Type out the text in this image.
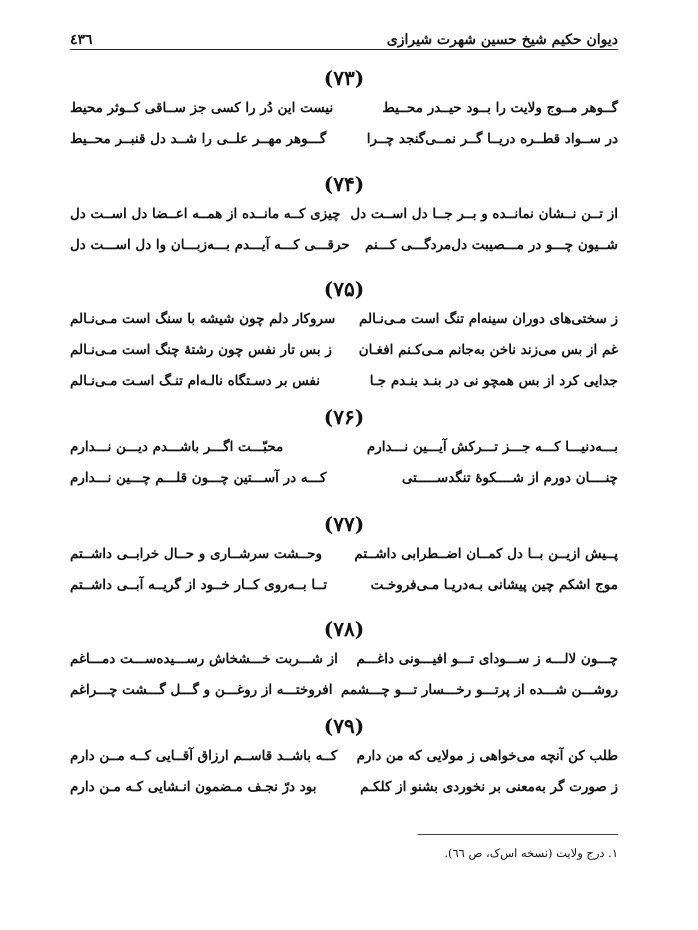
دیوان حکیم شیخ حسین شهرت شیرازی
٤٣٦
(۷۳)
گــوهر مــوج ولایت را بــود حیــدر محــیط
نیست این دُر را کسی جز ســاقی کــوثر محیط
در ســواد قطــره دریــا گــر نمــی‌گنجد چــرا
گـــوهر مهــر علــی را شــد دل قنبــر محــیط
(۷۴)
از تــن نــشان نمانــده و بــر جــا دل اســت دل
چیزی کــه مانــده از همــه اعــضا دل اســت دل
شــیون چـــو در مـــصیبت دل‌مردگـــی کـــنم
حرقـــی کـــه آیـــدم بـــه‌زبـــان وا دل اســـت دل
(۷۵)
ز سختی‌های دوران سینه‌ام تنگ است مـی‌نـالم
سروکار دلم چون شیشه با سنگ است مـی‌نـالم
غم از بس می‌زند ناخن به‌جانم مـی‌کـنم افغـان
ز بس تار نفس چون رشتهٔ چنگ است مـی‌نـالم
جدایی کرد از بس همچو نی در بنـد بنـدم جـا
نفس بر دسـتگاه نالـه‌ام تنـگ اسـت مـی‌نـالم
(۷۶)
بـــه‌دنیـــا کـــه جـــز تـــرکش آیـــین نـــدارم
محبّـــت اگـــر باشـــدم دیـــن نـــدارم
چنــــان دورم از شــــکوهٔ تنگدســـــتی
کـــه در آســـتین چـــون قلـــم چـــین نـــدارم
(۷۷)
پــیش ازیــن بــا دل کمــان اضــطرابی داشــتم
وحــشت سرشــاری و حــال خرابــی داشــتم
موج اشکم چین پیشانی بـه‌دریـا مـی‌فروخـت
تــا بــه‌روی کــار خــود از گریــه آبــی داشــتم
(۷۸)
چـــون لالـــه ز ســـودای تـــو افیـــونی داغـــم
از شـــربت خـــشخاش رســـیده‌ســـت دمـــاغم
روشـــن شـــده از پرتـــو رخـــسار تـــو چـــشمم
افروختـــه از روغـــن و گـــل گـــشت چـــراغم
(۷۹)
طلب کن آنچه می‌خواهی ز مولایی که من دارم
کــه باشــد قاســم ارزاق آقــایی کــه مــن دارم
ز صورت گر به‌معنی بر نخوردی بشنو از کلکـم
بود درّ نجـف مـضمون انـشایی کـه مـن دارم
١. درج ولایت (نسخه اس‌ک، ص ٦٦).
